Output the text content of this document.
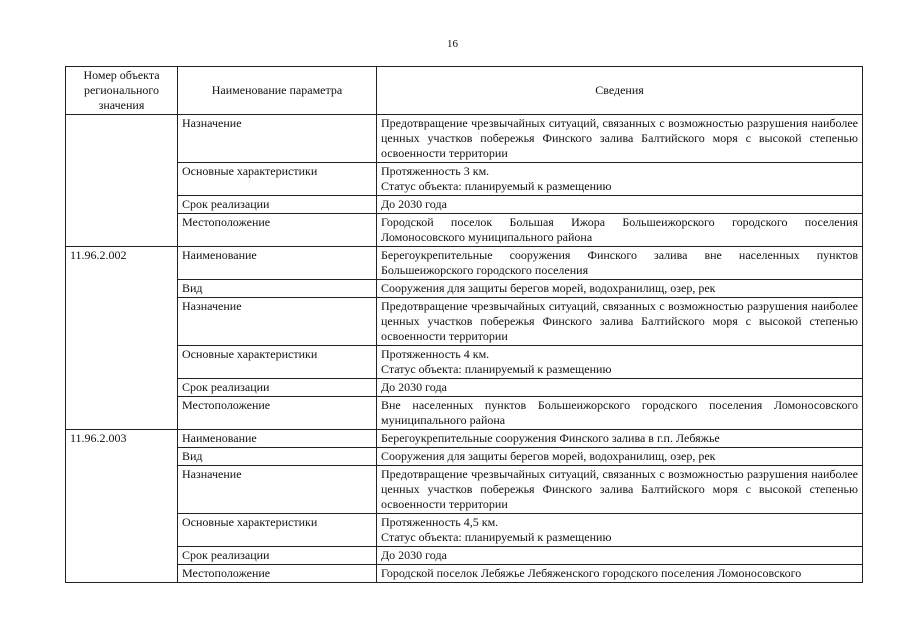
16
Номер объекта регионального значения	Наименование параметра	Сведения
	Назначение	Предотвращение чрезвычайных ситуаций, связанных с возможностью разрушения наиболее ценных участков побережья Финского залива Балтийского моря с высокой степенью освоенности территории
	Основные характеристики	Протяженность 3 км.
Статус объекта: планируемый к размещению

	Срок реализации	До 2030 года
	Местоположение	Городской поселок Большая Ижора Большеижорского городского поселения Ломоносовского муниципального района
11.96.2.002	Наименование	Берегоукрепительные сооружения Финского залива вне населенных пунктов Большеижорского городского поселения
	Вид	Сооружения для защиты берегов морей, водохранилищ, озер, рек
	Назначение	Предотвращение чрезвычайных ситуаций, связанных с возможностью разрушения наиболее ценных участков побережья Финского залива Балтийского моря с высокой степенью освоенности территории
	Основные характеристики	Протяженность 4 км.
Статус объекта: планируемый к размещению

	Срок реализации	До 2030 года
	Местоположение	Вне населенных пунктов Большеижорского городского поселения Ломоносовского муниципального района
11.96.2.003	Наименование	Берегоукрепительные сооружения Финского залива в г.п. Лебяжье
	Вид	Сооружения для защиты берегов морей, водохранилищ, озер, рек
	Назначение	Предотвращение чрезвычайных ситуаций, связанных с возможностью разрушения наиболее ценных участков побережья Финского залива Балтийского моря с высокой степенью освоенности территории
	Основные характеристики	Протяженность 4,5 км.
Статус объекта: планируемый к размещению

	Срок реализации	До 2030 года
	Местоположение	Городской поселок Лебяжье Лебяженского городского поселения Ломоносовского
